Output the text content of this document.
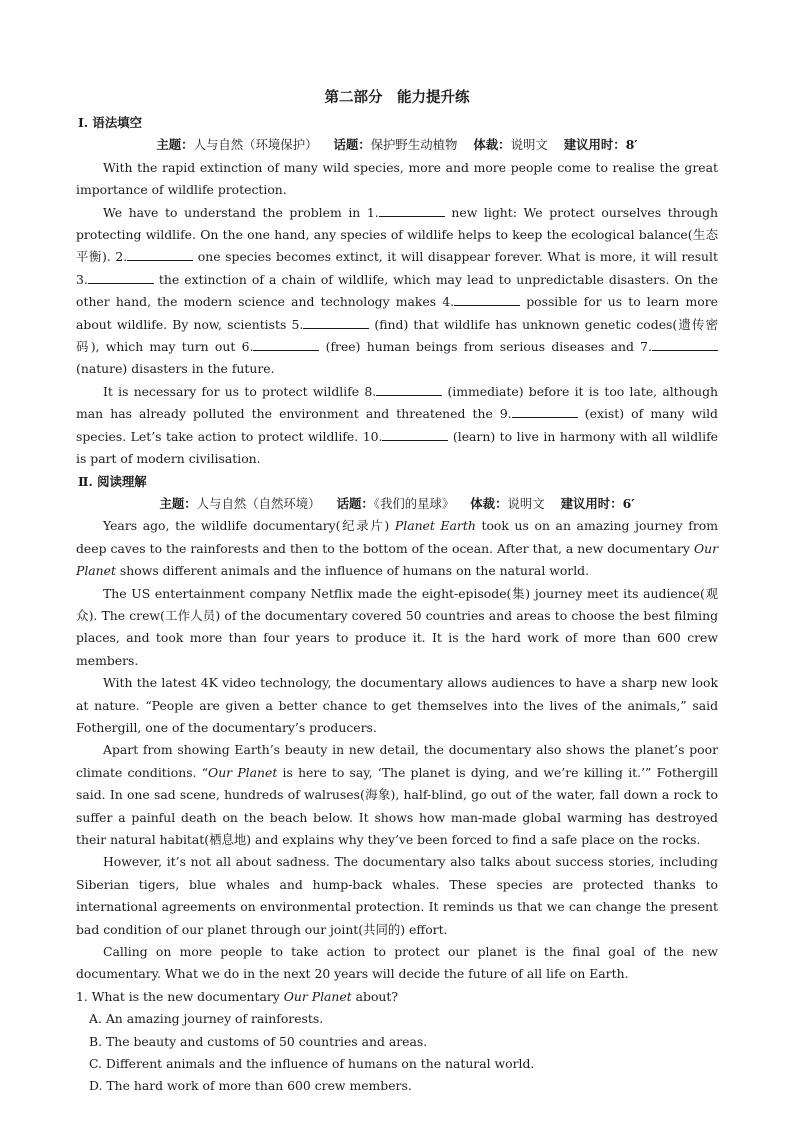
第二部分　能力提升练
Ⅰ. 语法填空
主题：人与自然（环境保护） 话题：保护野生动植物 体裁：说明文 建议用时：8′

With the rapid extinction of many wild species, more and more people come to realise the great importance of wildlife protection.

We have to understand the problem in 1.	new light: We protect ourselves through protecting wildlife. On the one hand, any species of wildlife helps to keep the ecological balance(生态平衡). 2.	one species becomes extinct, it will disappear forever. What is more, it will result 3.	the extinction of a chain of wildlife, which may lead to unpredictable disasters. On the other hand, the modern science and technology makes 4.	possible for us to learn more about wildlife. By now, scientists 5.	(find) that wildlife has unknown genetic codes(遗传密码), which may turn out 6.	(free) human beings from serious diseases and 7. (nature) disasters in the future.

It is necessary for us to protect wildlife 8.	(immediate) before it is too late, although man has already polluted the environment and threatened the 9.	(exist) of many wild species. Let’s take action to protect wildlife. 10.	(learn) to live in harmony with all wildlife is part of modern civilisation.

Ⅱ. 阅读理解
主题：人与自然（自然环境） 话题：《我们的星球》 体裁：说明文 建议用时：6′

Years ago, the wildlife documentary(纪录片) Planet Earth took us on an amazing journey from deep caves to the rainforests and then to the bottom of the ocean. After that, a new documentary Our Planet shows different animals and the influence of humans on the natural world.

The US entertainment company Netflix made the eight-episode(集) journey meet its audience(观众). The crew(工作人员) of the documentary covered 50 countries and areas to choose the best filming places, and took more than four years to produce it. It is the hard work of more than 600 crew members.

With the latest 4K video technology, the documentary allows audiences to have a sharp new look at nature. “People are given a better chance to get themselves into the lives of the animals,” said Fothergill, one of the documentary’s producers.

Apart from showing Earth’s beauty in new detail, the documentary also shows the planet’s poor climate conditions. “Our Planet is here to say, ‘The planet is dying, and we’re killing it.’” Fothergill said. In one sad scene, hundreds of walruses(海象), half-blind, go out of the water, fall down a rock to suffer a painful death on the beach below. It shows how man-made global warming has destroyed their natural habitat(栖息地) and explains why they’ve been forced to find a safe place on the rocks.

However, it’s not all about sadness. The documentary also talks about success stories, including Siberian tigers, blue whales and hump-back whales. These species are protected thanks to international agreements on environmental protection. It reminds us that we can change the present bad condition of our planet through our joint(共同的) effort.

Calling on more people to take action to protect our planet is the final goal of the new documentary. What we do in the next 20 years will decide the future of all life on Earth.

1. What is the new documentary Our Planet about?
A. An amazing journey of rainforests.
B. The beauty and customs of 50 countries and areas.
C. Different animals and the influence of humans on the natural world.
D. The hard work of more than 600 crew members.
